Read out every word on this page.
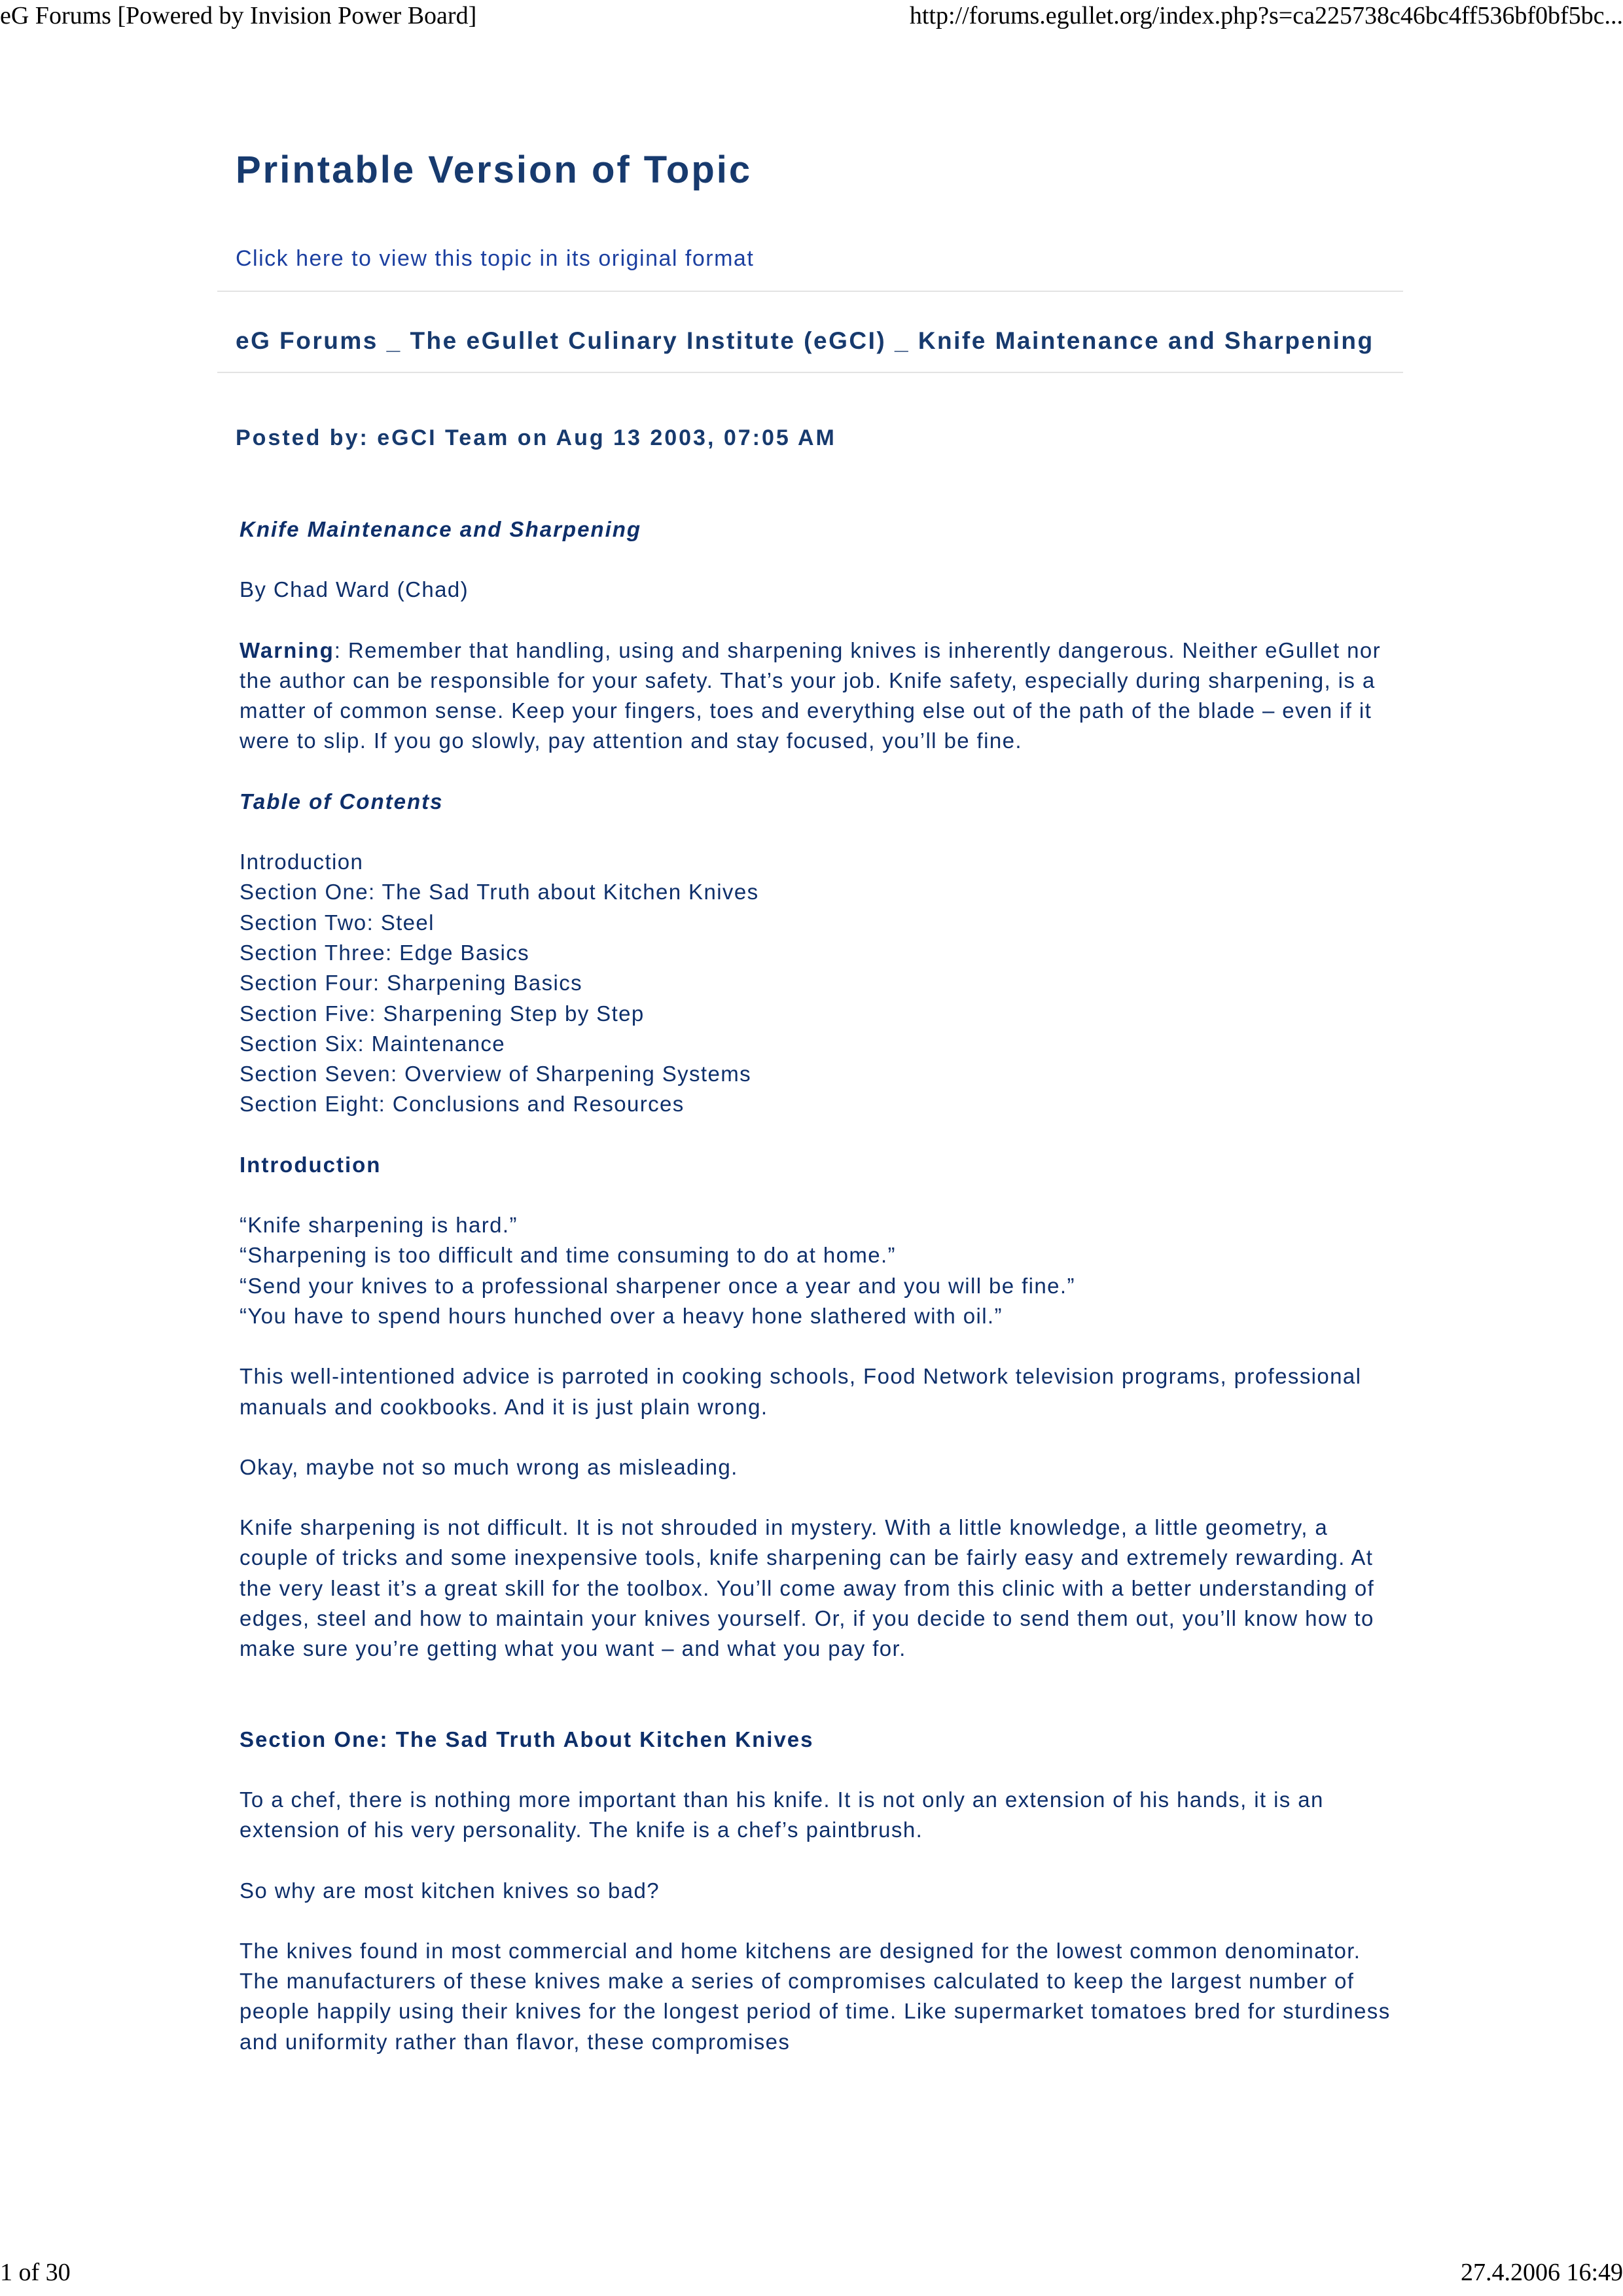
eG Forums [Powered by Invision Power Board]	http://forums.egullet.org/index.php?s=ca225738c46bc4ff536bf0bf5bc...
Printable Version of Topic
Click here to view this topic in its original format
eG Forums _ The eGullet Culinary Institute (eGCI) _ Knife Maintenance and Sharpening
Posted by: eGCI Team on Aug 13 2003, 07:05 AM

Knife Maintenance and Sharpening

By Chad Ward (Chad)

Warning: Remember that handling, using and sharpening knives is inherently dangerous. Neither eGullet nor the author can be responsible for your safety. That’s your job. Knife safety, especially during sharpening, is a matter of common sense. Keep your fingers, toes and everything else out of the path of the blade – even if it were to slip. If you go slowly, pay attention and stay focused, you’ll be fine.

Table of Contents

Introduction
Section One: The Sad Truth about Kitchen Knives
Section Two: Steel
Section Three: Edge Basics
Section Four: Sharpening Basics
Section Five: Sharpening Step by Step
Section Six: Maintenance
Section Seven: Overview of Sharpening Systems
Section Eight: Conclusions and Resources

Introduction

“Knife sharpening is hard.”
“Sharpening is too difficult and time consuming to do at home.”
“Send your knives to a professional sharpener once a year and you will be fine.”
“You have to spend hours hunched over a heavy hone slathered with oil.”

This well-intentioned advice is parroted in cooking schools, Food Network television programs, professional manuals and cookbooks. And it is just plain wrong.

Okay, maybe not so much wrong as misleading.

Knife sharpening is not difficult. It is not shrouded in mystery. With a little knowledge, a little geometry, a couple of tricks and some inexpensive tools, knife sharpening can be fairly easy and extremely rewarding. At the very least it’s a great skill for the toolbox. You’ll come away from this clinic with a better understanding of edges, steel and how to maintain your knives yourself. Or, if you decide to send them out, you’ll know how to make sure you’re getting what you want – and what you pay for.

Section One: The Sad Truth About Kitchen Knives

To a chef, there is nothing more important than his knife. It is not only an extension of his hands, it is an extension of his very personality. The knife is a chef’s paintbrush.

So why are most kitchen knives so bad?

The knives found in most commercial and home kitchens are designed for the lowest common denominator. The manufacturers of these knives make a series of compromises calculated to keep the largest number of people happily using their knives for the longest period of time. Like supermarket tomatoes bred for sturdiness and uniformity rather than flavor, these compromises

1 of 30	27.4.2006 16:49
